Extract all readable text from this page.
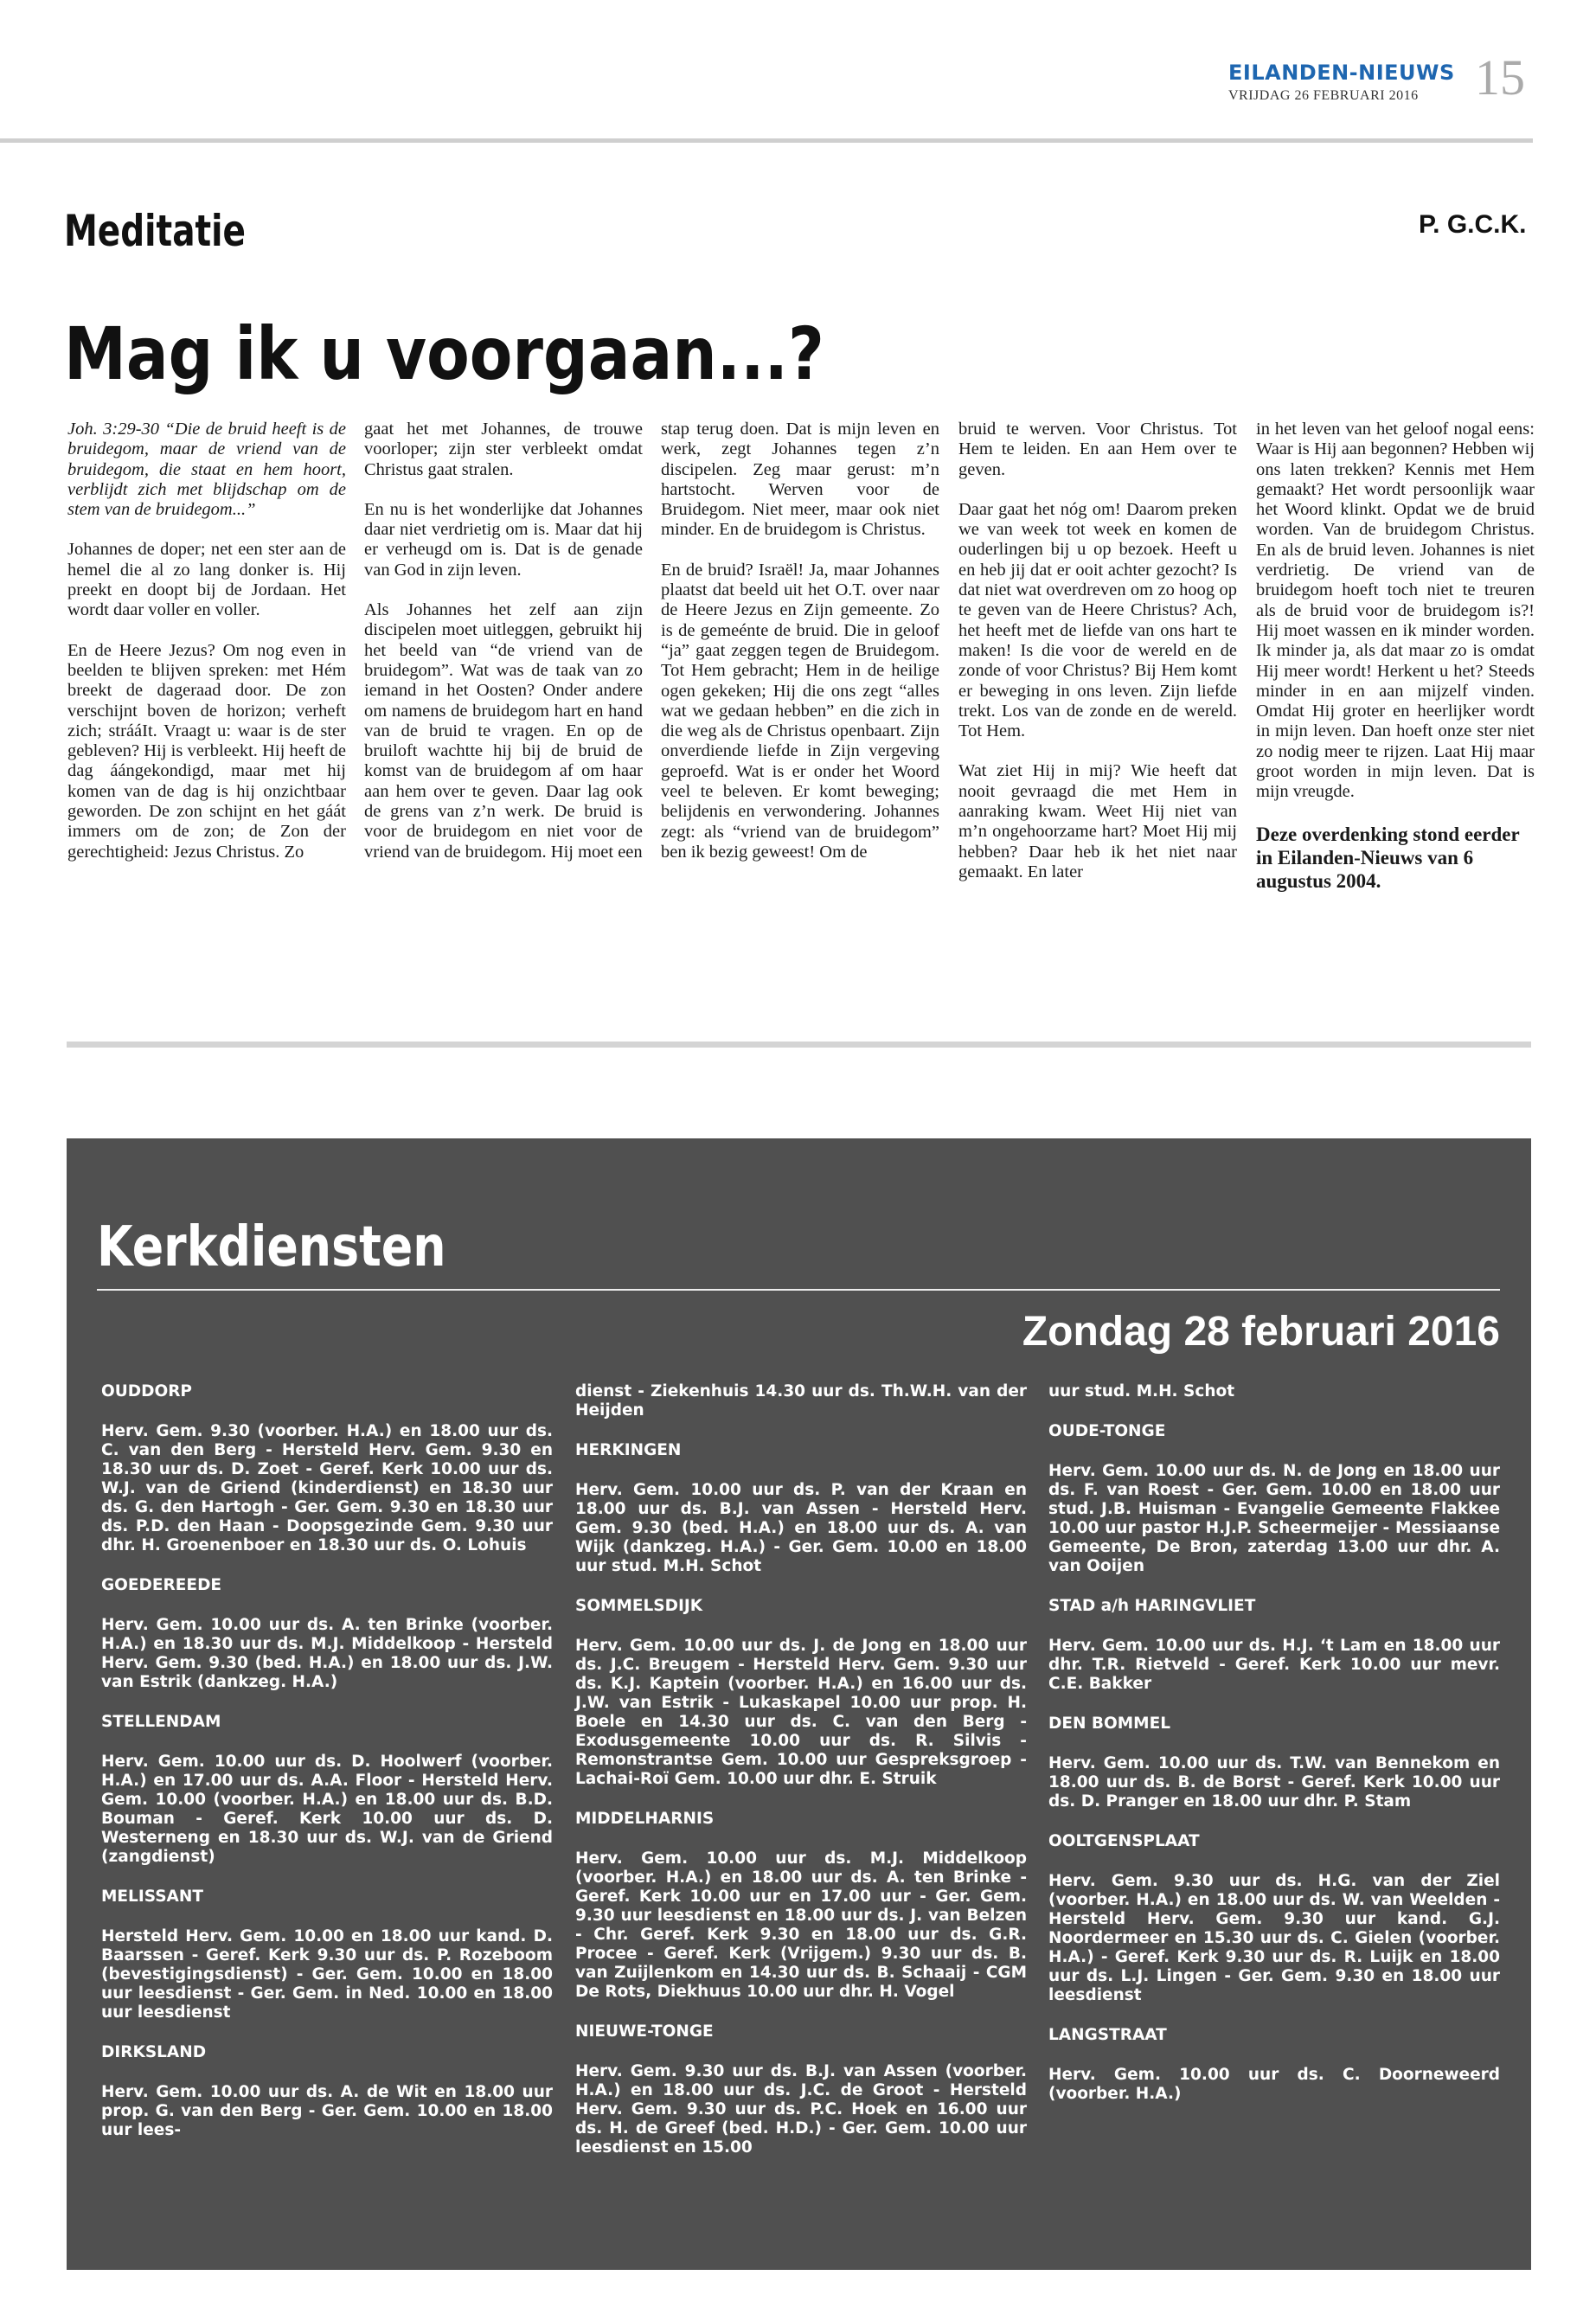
EILANDEN-NIEUWS
VRIJDAG 26 FEBRUARI 2016 15
Meditatie	P. G.C.K.
Mag ik u voorgaan...?

Joh. 3:29-30 “Die de bruid heeft is de bruidegom, maar de vriend van de bruidegom, die staat en hem hoort, verblijdt zich met blijdschap om de stem van de bruidegom...”

Johannes de doper; net een ster aan de hemel die al zo lang donker is. Hij preekt en doopt bij de Jordaan. Het wordt daar voller en voller.

En de Heere Jezus? Om nog even in beelden te blijven spreken: met Hém breekt de dageraad door. De zon verschijnt boven de horizon; verheft zich; strááIt. Vraagt u: waar is de ster gebleven? Hij is verbleekt. Hij heeft de dag áángekondigd, maar met hij komen van de dag is hij onzichtbaar geworden. De zon schijnt en het gáát immers om de zon; de Zon der gerechtigheid: Jezus Christus. Zo

gaat het met Johannes, de trouwe voorloper; zijn ster verbleekt omdat Christus gaat stralen.

En nu is het wonderlijke dat Johannes daar niet verdrietig om is. Maar dat hij er verheugd om is. Dat is de genade van God in zijn leven.

Als Johannes het zelf aan zijn discipelen moet uitleggen, gebruikt hij het beeld van “de vriend van de bruidegom”. Wat was de taak van zo iemand in het Oosten? Onder andere om namens de bruidegom hart en hand van de bruid te vragen. En op de bruiloft wachtte hij bij de bruid de komst van de bruidegom af om haar aan hem over te geven. Daar lag ook de grens van z’n werk. De bruid is voor de bruidegom en niet voor de vriend van de bruidegom. Hij moet een

stap terug doen. Dat is mijn leven en werk, zegt Johannes tegen z’n discipelen. Zeg maar gerust: m’n hartstocht. Werven voor de Bruidegom. Niet meer, maar ook niet minder. En de bruidegom is Christus.

En de bruid? Israël! Ja, maar Johannes plaatst dat beeld uit het O.T. over naar de Heere Jezus en Zijn gemeente. Zo is de gemeénte de bruid. Die in geloof “ja” gaat zeggen tegen de Bruidegom. Tot Hem gebracht; Hem in de heilige ogen gekeken; Hij die ons zegt “alles wat we gedaan hebben” en die zich in die weg als de Christus openbaart. Zijn onverdiende liefde in Zijn vergeving geproefd. Wat is er onder het Woord veel te beleven. Er komt beweging; belijdenis en verwondering. Johannes zegt: als “vriend van de bruidegom” ben ik bezig geweest! Om de

bruid te werven. Voor Christus. Tot Hem te leiden. En aan Hem over te geven.

Daar gaat het nóg om! Daarom preken we van week tot week en komen de ouderlingen bij u op bezoek. Heeft u en heb jij dat er ooit achter gezocht? Is dat niet wat overdreven om zo hoog op te geven van de Heere Christus? Ach, het heeft met de liefde van ons hart te maken! Is die voor de wereld en de zonde of voor Christus? Bij Hem komt er beweging in ons leven. Zijn liefde trekt. Los van de zonde en de wereld. Tot Hem.

Wat ziet Hij in mij? Wie heeft dat nooit gevraagd die met Hem in aanraking kwam. Weet Hij niet van m’n ongehoorzame hart? Moet Hij mij hebben? Daar heb ik het niet naar gemaakt. En later

in het leven van het geloof nogal eens: Waar is Hij aan begonnen? Hebben wij ons laten trekken? Kennis met Hem gemaakt? Het wordt persoonlijk waar het Woord klinkt. Opdat we de bruid worden. Van de bruidegom Christus. En als de bruid leven. Johannes is niet verdrietig. De vriend van de bruidegom hoeft toch niet te treuren als de bruid voor de bruidegom is?! Hij moet wassen en ik minder worden. Ik minder ja, als dat maar zo is omdat Hij meer wordt! Herkent u het? Steeds minder in en aan mijzelf vinden. Omdat Hij groter en heerlijker wordt in mijn leven. Dan hoeft onze ster niet zo nodig meer te rijzen. Laat Hij maar groot worden in mijn leven. Dat is mijn vreugde.

Deze overdenking stond eerder in Eilanden-Nieuws van 6 augustus 2004.

Kerkdiensten
Zondag 28 februari 2016
OUDDORP
Herv. Gem. 9.30 (voorber. H.A.) en 18.00 uur ds. C. van den Berg - Hersteld Herv. Gem. 9.30 en 18.30 uur ds. D. Zoet - Geref. Kerk 10.00 uur ds. W.J. van de Griend (kinderdienst) en 18.30 uur ds. G. den Hartogh - Ger. Gem. 9.30 en 18.30 uur ds. P.D. den Haan - Doopsgezinde Gem. 9.30 uur dhr. H. Groenenboer en 18.30 uur ds. O. Lohuis
GOEDEREEDE
Herv. Gem. 10.00 uur ds. A. ten Brinke (voorber. H.A.) en 18.30 uur ds. M.J. Middelkoop - Hersteld Herv. Gem. 9.30 (bed. H.A.) en 18.00 uur ds. J.W. van Estrik (dankzeg. H.A.)
STELLENDAM
Herv. Gem. 10.00 uur ds. D. Hoolwerf (voorber. H.A.) en 17.00 uur ds. A.A. Floor - Hersteld Herv. Gem. 10.00 (voorber. H.A.) en 18.00 uur ds. B.D. Bouman - Geref. Kerk 10.00 uur ds. D. Westerneng en 18.30 uur ds. W.J. van de Griend (zangdienst)
MELISSANT
Hersteld Herv. Gem. 10.00 en 18.00 uur kand. D. Baarssen - Geref. Kerk 9.30 uur ds. P. Rozeboom (bevestigingsdienst) - Ger. Gem. 10.00 en 18.00 uur leesdienst - Ger. Gem. in Ned. 10.00 en 18.00 uur leesdienst
DIRKSLAND
Herv. Gem. 10.00 uur ds. A. de Wit en 18.00 uur prop. G. van den Berg - Ger. Gem. 10.00 en 18.00 uur lees-
dienst - Ziekenhuis 14.30 uur ds. Th.W.H. van der Heijden
HERKINGEN
Herv. Gem. 10.00 uur ds. P. van der Kraan en 18.00 uur ds. B.J. van Assen - Hersteld Herv. Gem. 9.30 (bed. H.A.) en 18.00 uur ds. A. van Wijk (dankzeg. H.A.) - Ger. Gem. 10.00 en 18.00 uur stud. M.H. Schot
SOMMELSDIJK
Herv. Gem. 10.00 uur ds. J. de Jong en 18.00 uur ds. J.C. Breugem - Hersteld Herv. Gem. 9.30 uur ds. K.J. Kaptein (voorber. H.A.) en 16.00 uur ds. J.W. van Estrik - Lukaskapel 10.00 uur prop. H. Boele en 14.30 uur ds. C. van den Berg - Exodusgemeente 10.00 uur ds. R. Silvis - Remonstrantse Gem. 10.00 uur Gespreksgroep - Lachai-Roï Gem. 10.00 uur dhr. E. Struik
MIDDELHARNIS
Herv. Gem. 10.00 uur ds. M.J. Middelkoop (voorber. H.A.) en 18.00 uur ds. A. ten Brinke - Geref. Kerk 10.00 uur en 17.00 uur - Ger. Gem. 9.30 uur leesdienst en 18.00 uur ds. J. van Belzen - Chr. Geref. Kerk 9.30 en 18.00 uur ds. G.R. Procee - Geref. Kerk (Vrijgem.) 9.30 uur ds. B. van Zuijlenkom en 14.30 uur ds. B. Schaaij - CGM De Rots, Diekhuus 10.00 uur dhr. H. Vogel
NIEUWE-TONGE
Herv. Gem. 9.30 uur ds. B.J. van Assen (voorber. H.A.) en 18.00 uur ds. J.C. de Groot - Hersteld Herv. Gem. 9.30 uur ds. P.C. Hoek en 16.00 uur ds. H. de Greef (bed. H.D.) - Ger. Gem. 10.00 uur leesdienst en 15.00
uur stud. M.H. Schot
OUDE-TONGE
Herv. Gem. 10.00 uur ds. N. de Jong en 18.00 uur ds. F. van Roest - Ger. Gem. 10.00 en 18.00 uur stud. J.B. Huisman - Evangelie Gemeente Flakkee 10.00 uur pastor H.J.P. Scheermeijer - Messiaanse Gemeente, De Bron, zaterdag 13.00 uur dhr. A. van Ooijen
STAD a/h HARINGVLIET
Herv. Gem. 10.00 uur ds. H.J. ‘t Lam en 18.00 uur dhr. T.R. Rietveld - Geref. Kerk 10.00 uur mevr. C.E. Bakker
DEN BOMMEL
Herv. Gem. 10.00 uur ds. T.W. van Bennekom en 18.00 uur ds. B. de Borst - Geref. Kerk 10.00 uur ds. D. Pranger en 18.00 uur dhr. P. Stam
OOLTGENSPLAAT
Herv. Gem. 9.30 uur ds. H.G. van der Ziel (voorber. H.A.) en 18.00 uur ds. W. van Weelden - Hersteld Herv. Gem. 9.30 uur kand. G.J. Noordermeer en 15.30 uur ds. C. Gielen (voorber. H.A.) - Geref. Kerk 9.30 uur ds. R. Luijk en 18.00 uur ds. L.J. Lingen - Ger. Gem. 9.30 en 18.00 uur leesdienst
LANGSTRAAT
Herv. Gem. 10.00 uur ds. C. Doorneweerd (voorber. H.A.)
